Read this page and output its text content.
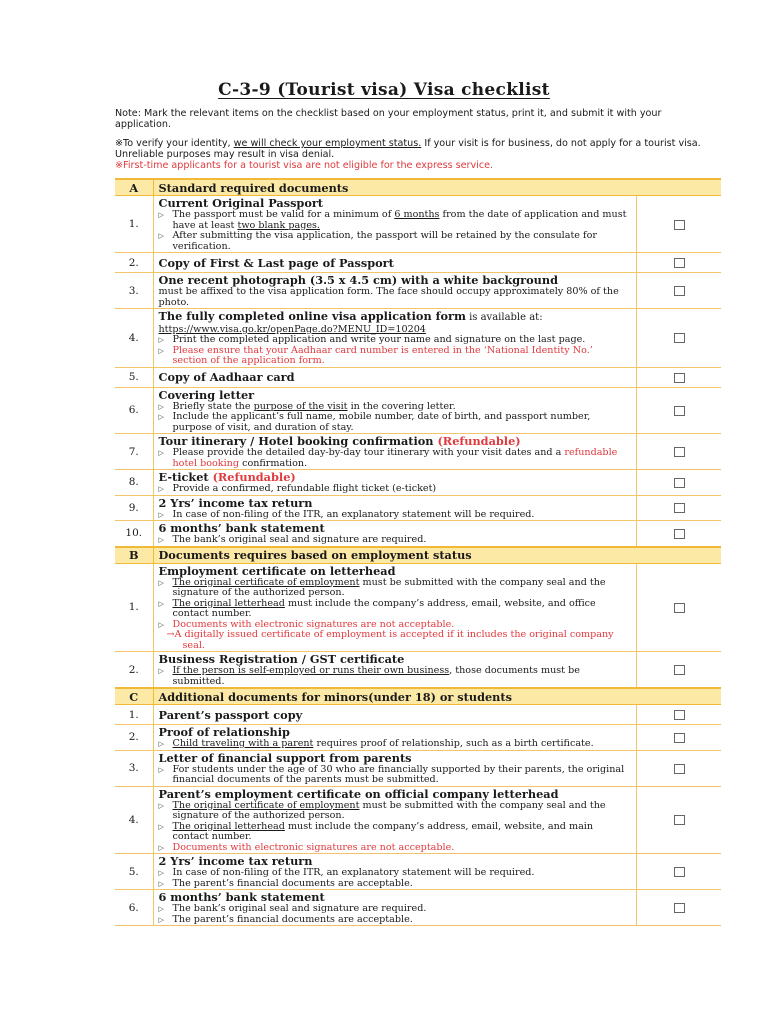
C-3-9 (Tourist visa) Visa checklist

Note: Mark the relevant items on the checklist based on your employment status, print it, and submit it with your application.

※To verify your identity, we will check your employment status. If your visit is for business, do not apply for a tourist visa. Unreliable purposes may result in visa denial.

※First-time applicants for a tourist visa are not eligible for the express service.

A	Standard required documents	
1.	Current Original Passport
▷ The passport must be valid for a minimum of 6 months from the date of application and must have at least two blank pages.
▷ After submitting the visa application, the passport will be retained by the consulate for verification.	

2.	Copy of First & Last page of Passport	

3.	One recent photograph (3.5 x 4.5 cm) with a white background
must be affixed to the visa application form. The face should occupy approximately 80% of the photo.	

4.	The fully completed online visa application form is available at:
https://www.visa.go.kr/openPage.do?MENU_ID=10204
▷ Print the completed application and write your name and signature on the last page.
▷ Please ensure that your Aadhaar card number is entered in the ‘National Identity No.’ section of the application form.	

5.	Copy of Aadhaar card	

6.	Covering letter
▷ Briefly state the purpose of the visit in the covering letter.
▷ Include the applicant’s full name, mobile number, date of birth, and passport number, purpose of visit, and duration of stay.	

7.	Tour itinerary / Hotel booking confirmation (Refundable)
▷ Please provide the detailed day-by-day tour itinerary with your visit dates and a refundable hotel booking confirmation.	

8.	E-ticket (Refundable)
▷ Provide a confirmed, refundable flight ticket (e-ticket)	

9.	2 Yrs’ income tax return
▷ In case of non-filing of the ITR, an explanatory statement will be required.	

10.	6 months’ bank statement
▷ The bank’s original seal and signature are required.	

B	Documents requires based on employment status	
1.	Employment certificate on letterhead
▷ The original certificate of employment must be submitted with the company seal and the signature of the authorized person.
▷ The original letterhead must include the company’s address, email, website, and office contact number.
▷ Documents with electronic signatures are not acceptable.
→A digitally issued certificate of employment is accepted if it includes the original company seal.	

2.	Business Registration / GST certificate
▷ If the person is self-employed or runs their own business, those documents must be submitted.	

C	Additional documents for minors(under 18) or students	
1.	Parent’s passport copy	

2.	Proof of relationship
▷ Child traveling with a parent requires proof of relationship, such as a birth certificate.	

3.	Letter of financial support from parents
▷ For students under the age of 30 who are financially supported by their parents, the original financial documents of the parents must be submitted.	

4.	Parent’s employment certificate on official company letterhead
▷ The original certificate of employment must be submitted with the company seal and the signature of the authorized person.
▷ The original letterhead must include the company’s address, email, website, and main contact number.
▷ Documents with electronic signatures are not acceptable.	

5.	2 Yrs’ income tax return
▷ In case of non-filing of the ITR, an explanatory statement will be required.
▷ The parent’s financial documents are acceptable.	

6.	6 months’ bank statement
▷ The bank’s original seal and signature are required.
▷ The parent’s financial documents are acceptable.	
